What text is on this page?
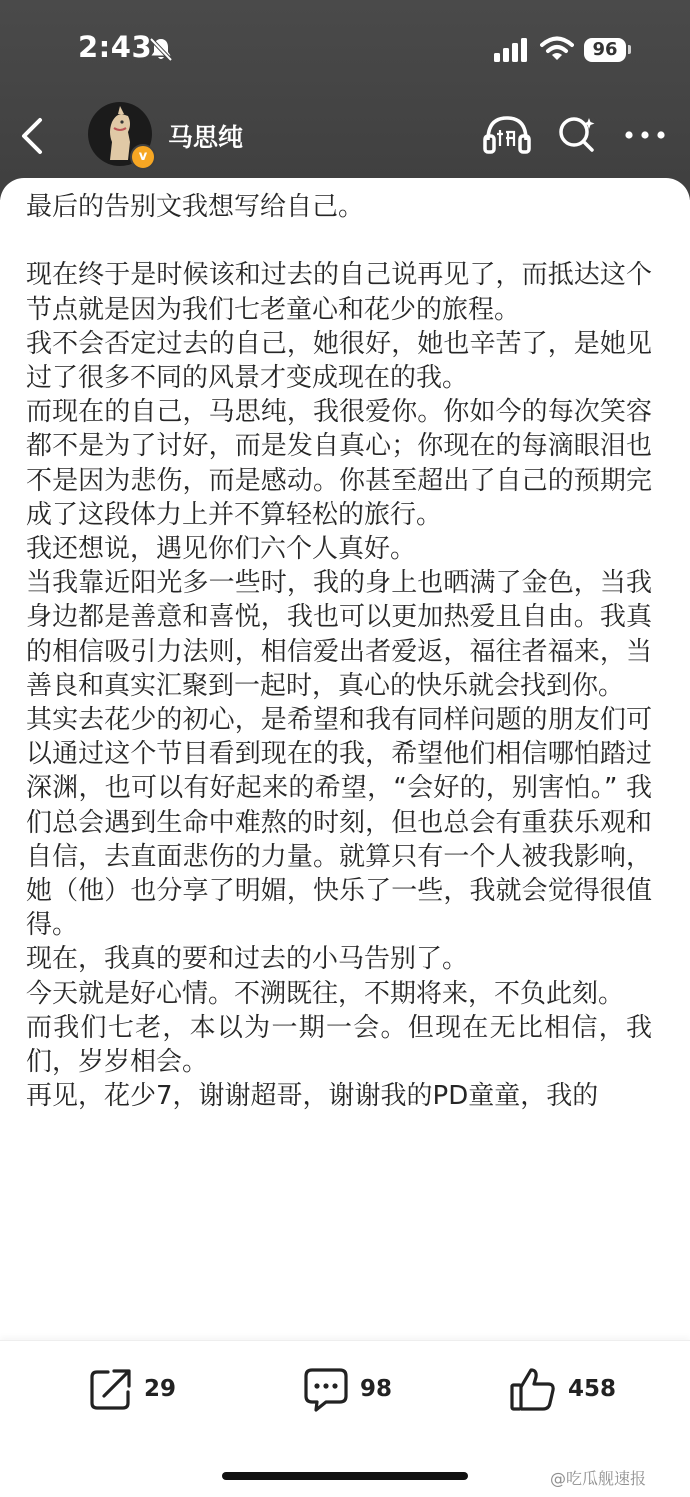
2:43	96
v
马思纯

最后的告别文我想写给自己。

现在终于是时候该和过去的自己说再见了，而抵达这个节点就是因为我们七老童心和花少的旅程。

我不会否定过去的自己，她很好，她也辛苦了，是她见过了很多不同的风景才变成现在的我。

而现在的自己，马思纯，我很爱你。你如今的每次笑容都不是为了讨好，而是发自真心；你现在的每滴眼泪也不是因为悲伤，而是感动。你甚至超出了自己的预期完成了这段体力上并不算轻松的旅行。

我还想说，遇见你们六个人真好。

当我靠近阳光多一些时，我的身上也晒满了金色，当我身边都是善意和喜悦，我也可以更加热爱且自由。我真的相信吸引力法则，相信爱出者爱返，福往者福来，当善良和真实汇聚到一起时，真心的快乐就会找到你。

其实去花少的初心，是希望和我有同样问题的朋友们可以通过这个节目看到现在的我，希望他们相信哪怕踏过深渊，也可以有好起来的希望，“会好的，别害怕。” 我们总会遇到生命中难熬的时刻，但也总会有重获乐观和自信，去直面悲伤的力量。就算只有一个人被我影响，她（他）也分享了明媚，快乐了一些，我就会觉得很值得。

现在，我真的要和过去的小马告别了。

今天就是好心情。不溯既往，不期将来，不负此刻。

而我们七老，本以为一期一会。但现在无比相信，我们，岁岁相会。

再见，花少7，谢谢超哥，谢谢我的PD童童，我的

29	98	458
@吃瓜舰速报
